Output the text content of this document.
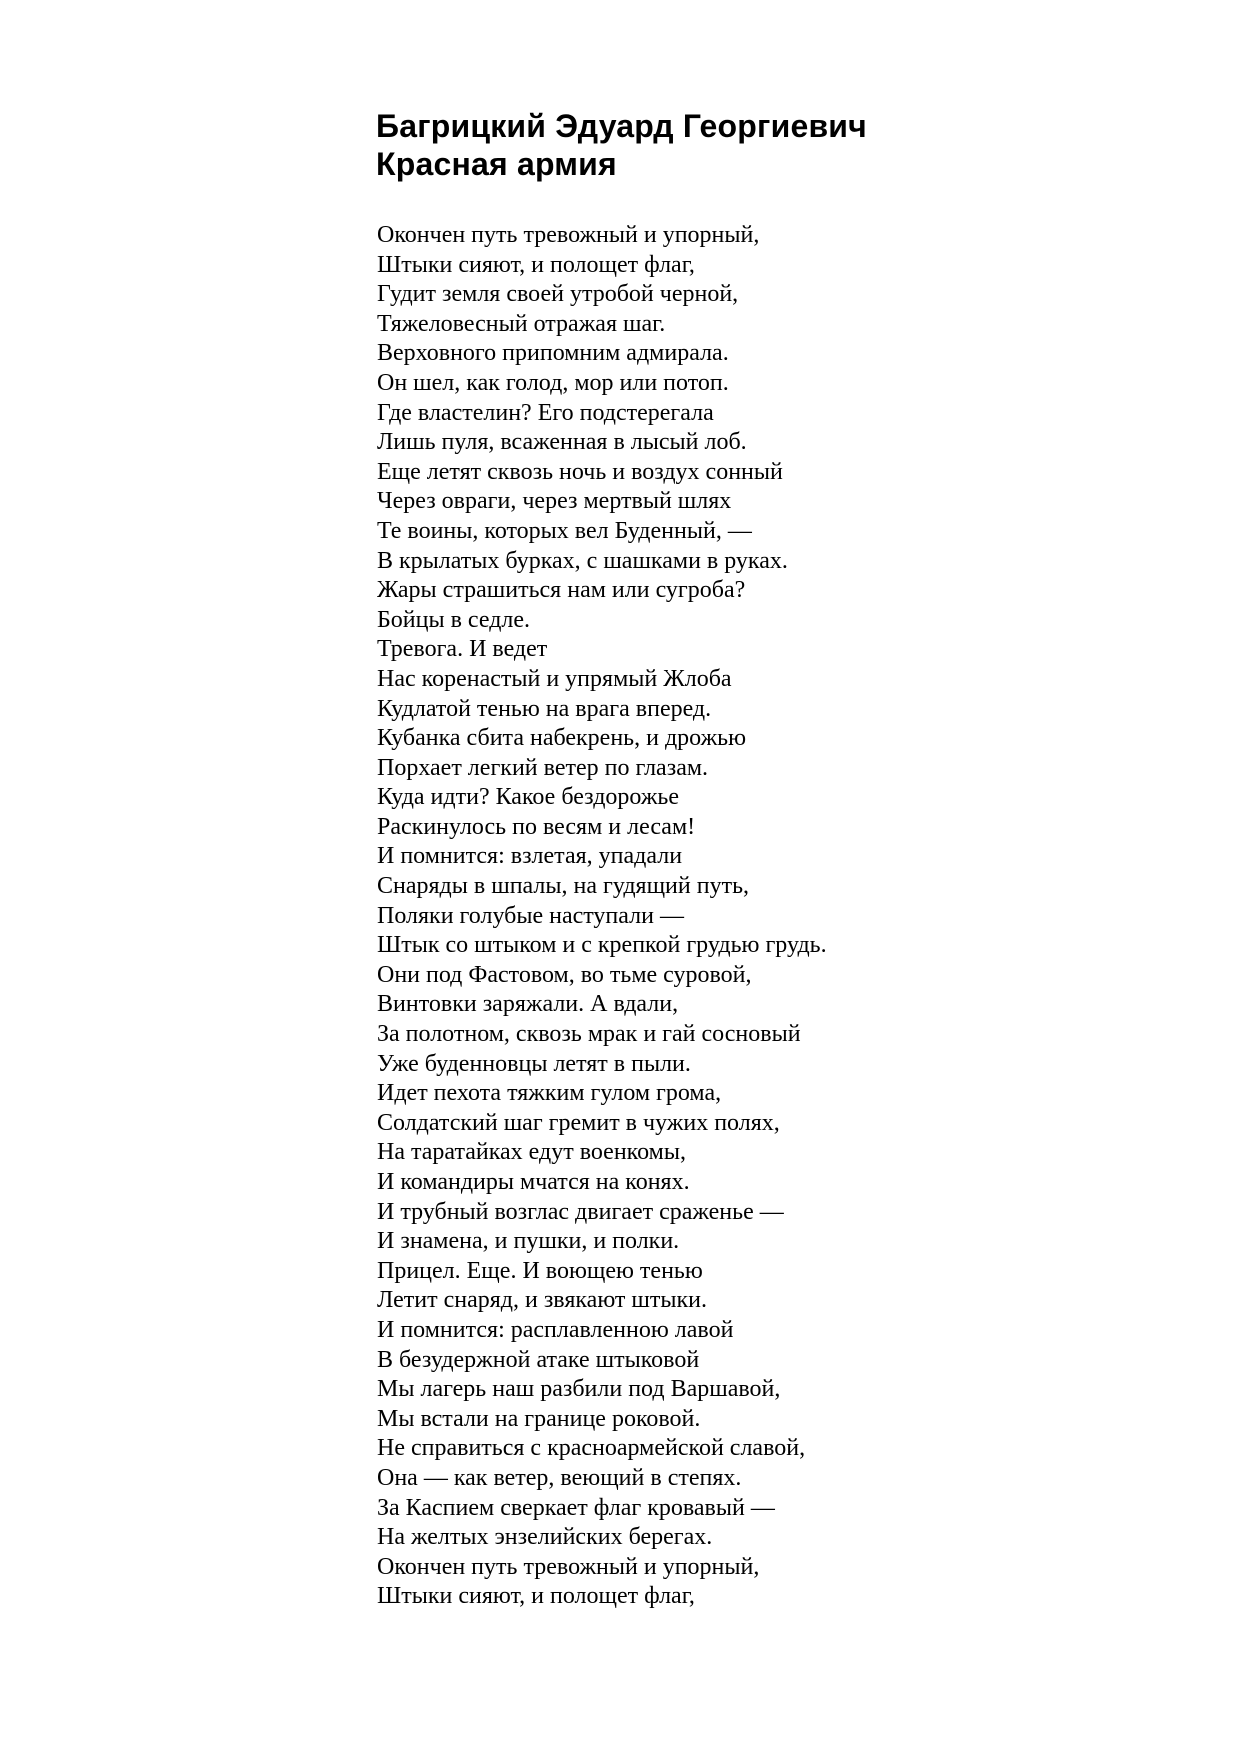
Багрицкий Эдуард Георгиевич
Красная армия
Окончен путь тревожный и упорный,
Штыки сияют, и полощет флаг,
Гудит земля своей утробой черной,
Тяжеловесный отражая шаг.
Верховного припомним адмирала.
Он шел, как голод, мор или потоп.
Где властелин? Его подстерегала
Лишь пуля, всаженная в лысый лоб.
Еще летят сквозь ночь и воздух сонный
Через овраги, через мертвый шлях
Те воины, которых вел Буденный, —
В крылатых бурках, с шашками в руках.
Жары страшиться нам или сугроба?
Бойцы в седле.
Тревога. И ведет
Нас коренастый и упрямый Жлоба
Кудлатой тенью на врага вперед.
Кубанка сбита набекрень, и дрожью
Порхает легкий ветер по глазам.
Куда идти? Какое бездорожье
Раскинулось по весям и лесам!
И помнится: взлетая, упадали
Снаряды в шпалы, на гудящий путь,
Поляки голубые наступали —
Штык со штыком и с крепкой грудью грудь.
Они под Фастовом, во тьме суровой,
Винтовки заряжали. А вдали,
За полотном, сквозь мрак и гай сосновый
Уже буденновцы летят в пыли.
Идет пехота тяжким гулом грома,
Солдатский шаг гремит в чужих полях,
На таратайках едут военкомы,
И командиры мчатся на конях.
И трубный возглас двигает сраженье —
И знамена, и пушки, и полки.
Прицел. Еще. И воющею тенью
Летит снаряд, и звякают штыки.
И помнится: расплавленною лавой
В безудержной атаке штыковой
Мы лагерь наш разбили под Варшавой,
Мы встали на границе роковой.
Не справиться с красноармейской славой,
Она — как ветер, веющий в степях.
За Каспием сверкает флаг кровавый —
На желтых энзелийских берегах.
Окончен путь тревожный и упорный,
Штыки сияют, и полощет флаг,
